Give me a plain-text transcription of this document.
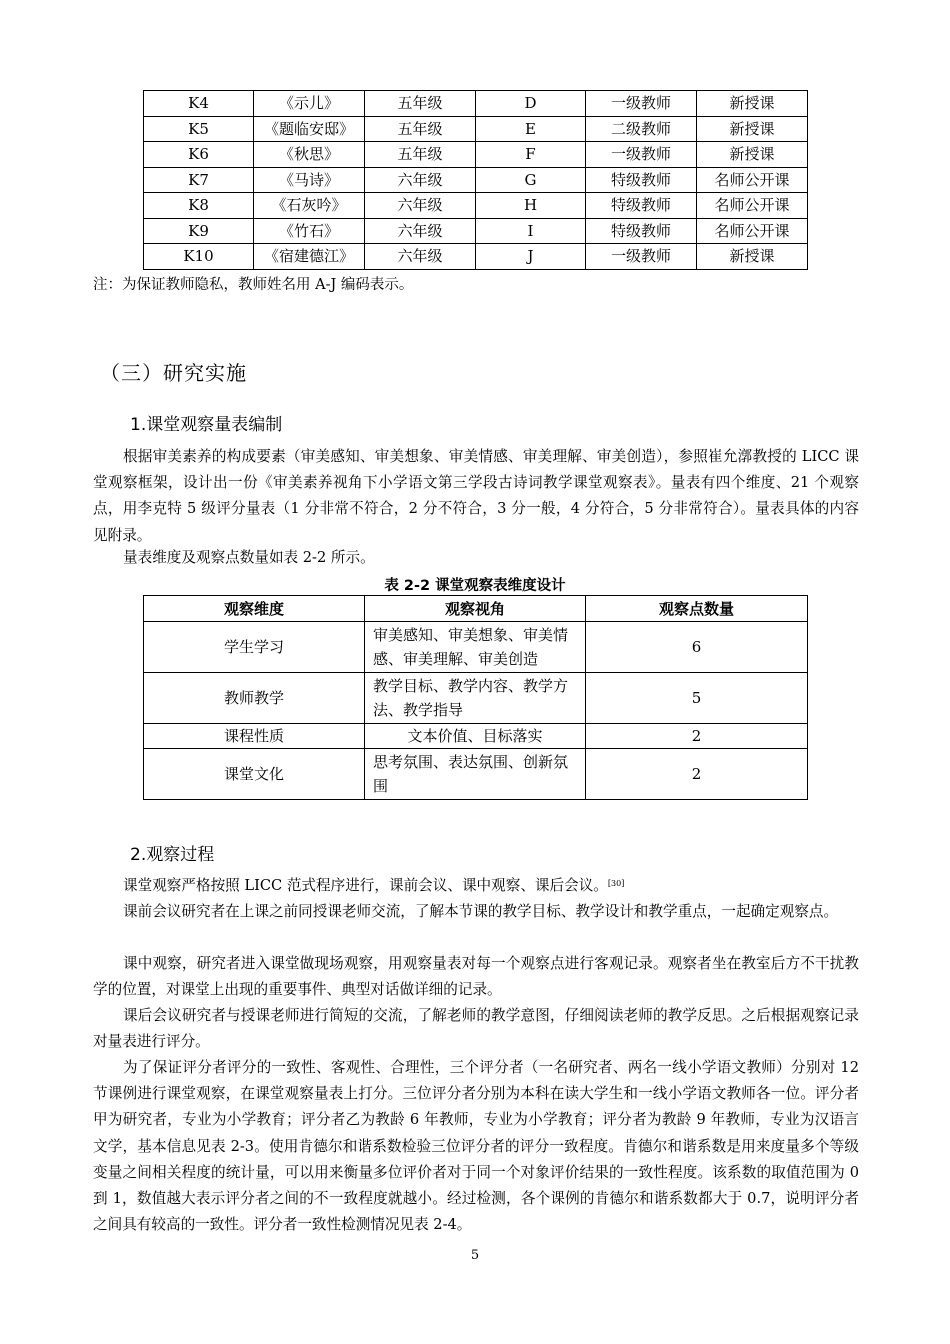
K4	《示儿》	五年级	D	一级教师	新授课
K5	《题临安邸》	五年级	E	二级教师	新授课
K6	《秋思》	五年级	F	一级教师	新授课
K7	《马诗》	六年级	G	特级教师	名师公开课
K8	《石灰吟》	六年级	H	特级教师	名师公开课
K9	《竹石》	六年级	I	特级教师	名师公开课
K10	《宿建德江》	六年级	J	一级教师	新授课
注：为保证教师隐私，教师姓名用 A-J 编码表示。
（三）研究实施
1.课堂观察量表编制
根据审美素养的构成要素（审美感知、审美想象、审美情感、审美理解、审美创造），参照崔允漷教授的 LICC 课堂观察框架，设计出一份《审美素养视角下小学语文第三学段古诗词教学课堂观察表》。量表有四个维度、21 个观察点，用李克特 5 级评分量表（1 分非常不符合，2 分不符合，3 分一般，4 分符合，5 分非常符合）。量表具体的内容见附录。
量表维度及观察点数量如表 2-2 所示。
表 2-2 课堂观察表维度设计
观察维度	观察视角	观察点数量
学生学习	审美感知、审美想象、审美情感、审美理解、审美创造	6
教师教学	教学目标、教学内容、教学方法、教学指导	5
课程性质	文本价值、目标落实	2
课堂文化	思考氛围、表达氛围、创新氛围	2
2.观察过程
课堂观察严格按照 LICC 范式程序进行，课前会议、课中观察、课后会议。[30]
课前会议研究者在上课之前同授课老师交流，了解本节课的教学目标、教学设计和教学重点，一起确定观察点。
课中观察，研究者进入课堂做现场观察，用观察量表对每一个观察点进行客观记录。观察者坐在教室后方不干扰教学的位置，对课堂上出现的重要事件、典型对话做详细的记录。
课后会议研究者与授课老师进行简短的交流，了解老师的教学意图，仔细阅读老师的教学反思。之后根据观察记录对量表进行评分。
为了保证评分者评分的一致性、客观性、合理性，三个评分者（一名研究者、两名一线小学语文教师）分别对 12 节课例进行课堂观察，在课堂观察量表上打分。三位评分者分别为本科在读大学生和一线小学语文教师各一位。评分者甲为研究者，专业为小学教育；评分者乙为教龄 6 年教师，专业为小学教育；评分者为教龄 9 年教师，专业为汉语言文学，基本信息见表 2-3。使用肯德尔和谐系数检验三位评分者的评分一致程度。肯德尔和谐系数是用来度量多个等级变量之间相关程度的统计量，可以用来衡量多位评价者对于同一个对象评价结果的一致性程度。该系数的取值范围为 0 到 1，数值越大表示评分者之间的不一致程度就越小。经过检测，各个课例的肯德尔和谐系数都大于 0.7，说明评分者之间具有较高的一致性。评分者一致性检测情况见表 2-4。
5
